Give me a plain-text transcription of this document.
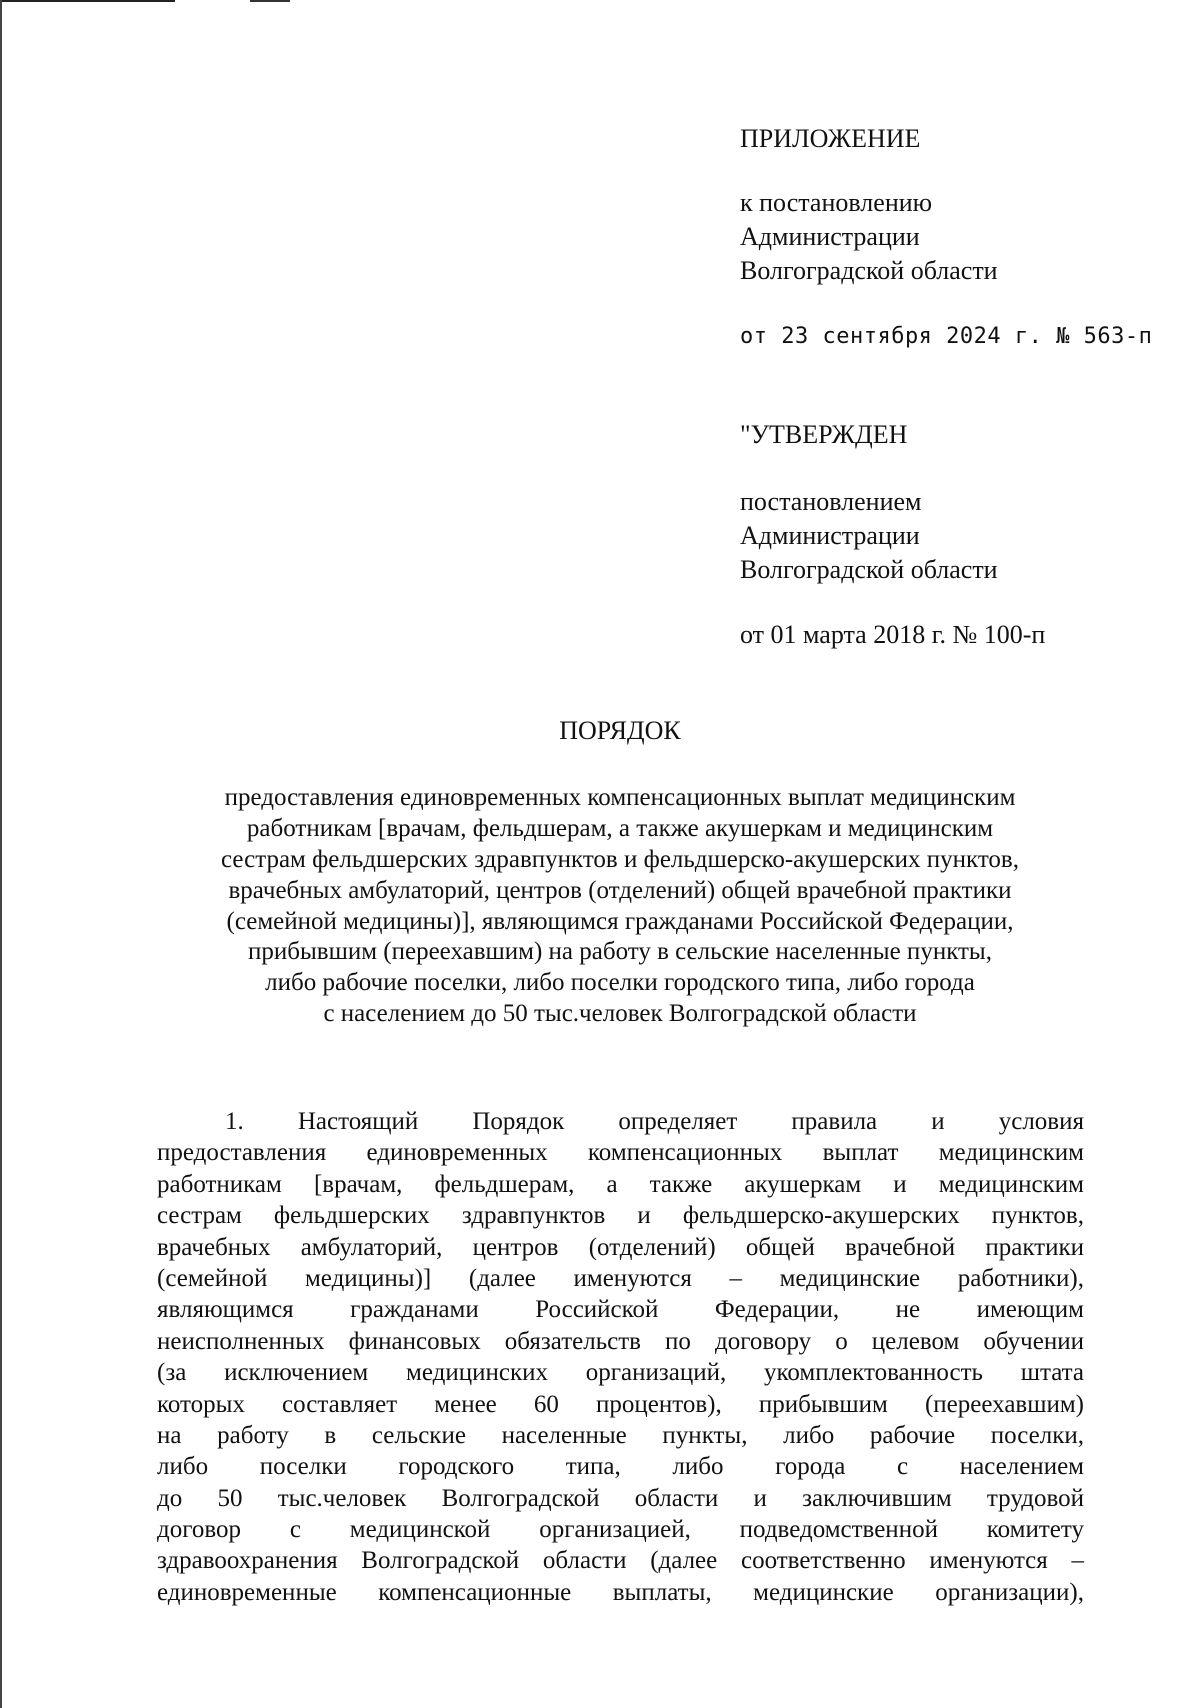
ПРИЛОЖЕНИЕ
к постановлению
Администрации
Волгоградской области
от 23 сентября 2024 г. № 563-п
"УТВЕРЖДЕН
постановлением
Администрации
Волгоградской области
от 01 марта 2018 г. № 100-п
ПОРЯДОК
предоставления единовременных компенсационных выплат медицинским
работникам [врачам, фельдшерам, а также акушеркам и медицинским
сестрам фельдшерских здравпунктов и фельдшерско-акушерских пунктов,
врачебных амбулаторий, центров (отделений) общей врачебной практики
(семейной медицины)], являющимся гражданами Российской Федерации,
прибывшим (переехавшим) на работу в сельские населенные пункты,
либо рабочие поселки, либо поселки городского типа, либо города
с населением до 50 тыс.человек Волгоградской области
1. Настоящий Порядок определяет правила и условия
предоставления единовременных компенсационных выплат медицинским
работникам [врачам, фельдшерам, а также акушеркам и медицинским
сестрам фельдшерских здравпунктов и фельдшерско-акушерских пунктов,
врачебных амбулаторий, центров (отделений) общей врачебной практики
(семейной медицины)] (далее именуются – медицинские работники),
являющимся гражданами Российской Федерации, не имеющим
неисполненных финансовых обязательств по договору о целевом обучении
(за исключением медицинских организаций, укомплектованность штата
которых составляет менее 60 процентов), прибывшим (переехавшим)
на работу в сельские населенные пункты, либо рабочие поселки,
либо поселки городского типа, либо города с населением
до 50 тыс.человек Волгоградской области и заключившим трудовой
договор с медицинской организацией, подведомственной комитету
здравоохранения Волгоградской области (далее соответственно именуются –
единовременные компенсационные выплаты, медицинские организации),
